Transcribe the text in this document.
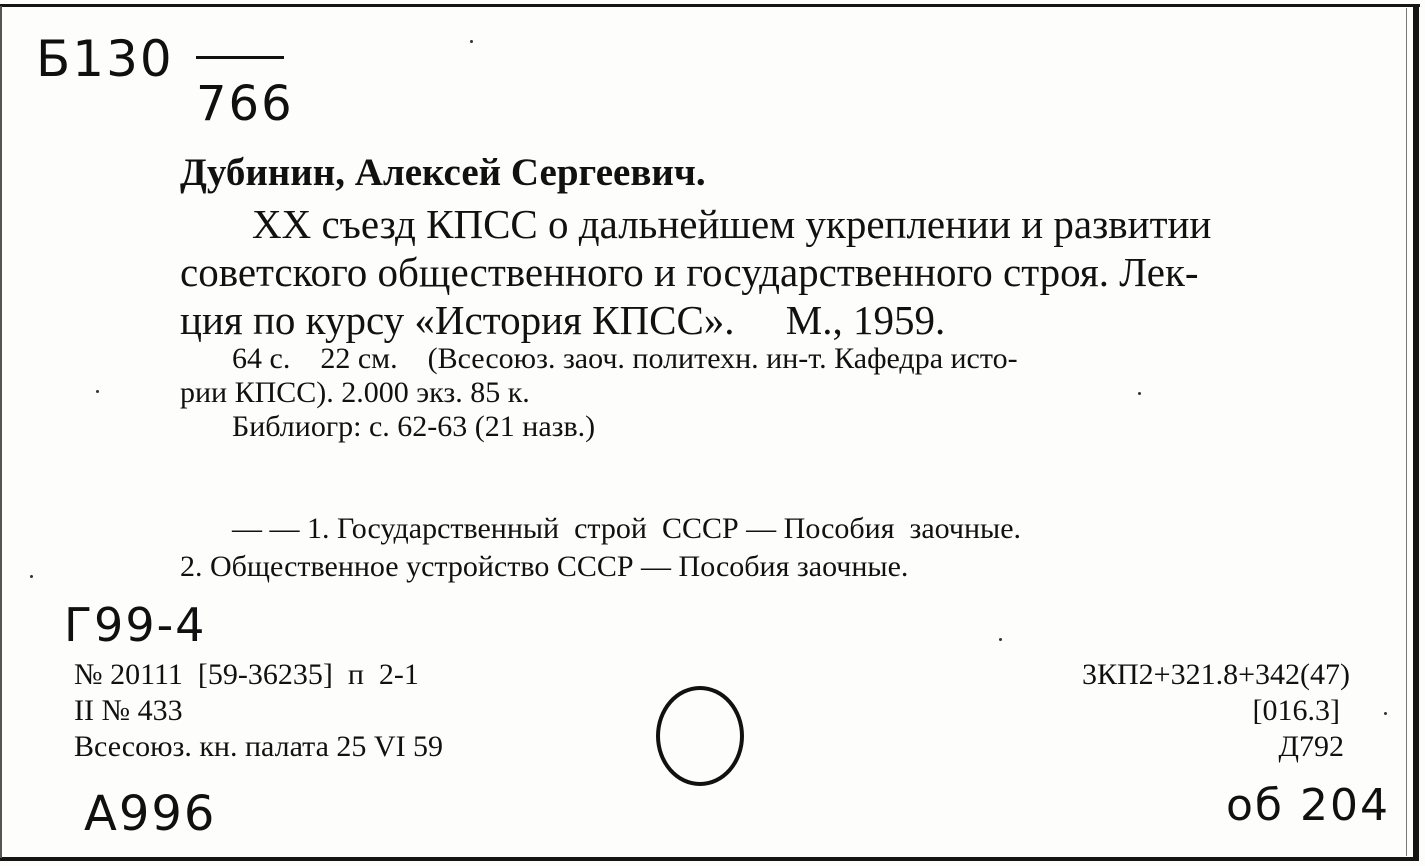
Б130
766
Дубинин, Алексей Сергеевич.
XX съезд КПСС о дальнейшем укреплении и развитии
советского общественного и государственного строя. Лек-
ция по курсу «История КПСС».     М., 1959.
64 с.    22 см.    (Всесоюз. заоч. политехн. ин-т. Кафедра исто-
рии КПСС). 2.000 экз. 85 к.
Библиогр: с. 62-63 (21 назв.)
— — 1. Государственный  строй  СССР — Пособия  заочные.
2. Общественное устройство СССР — Пособия заочные.
Г99-4
№ 20111  [59-36235]  п  2-1
II № 433
Всесоюз. кн. палата 25 VI 59
3КП2+321.8+342(47)
[016.3]
Д792
А996	об 204
